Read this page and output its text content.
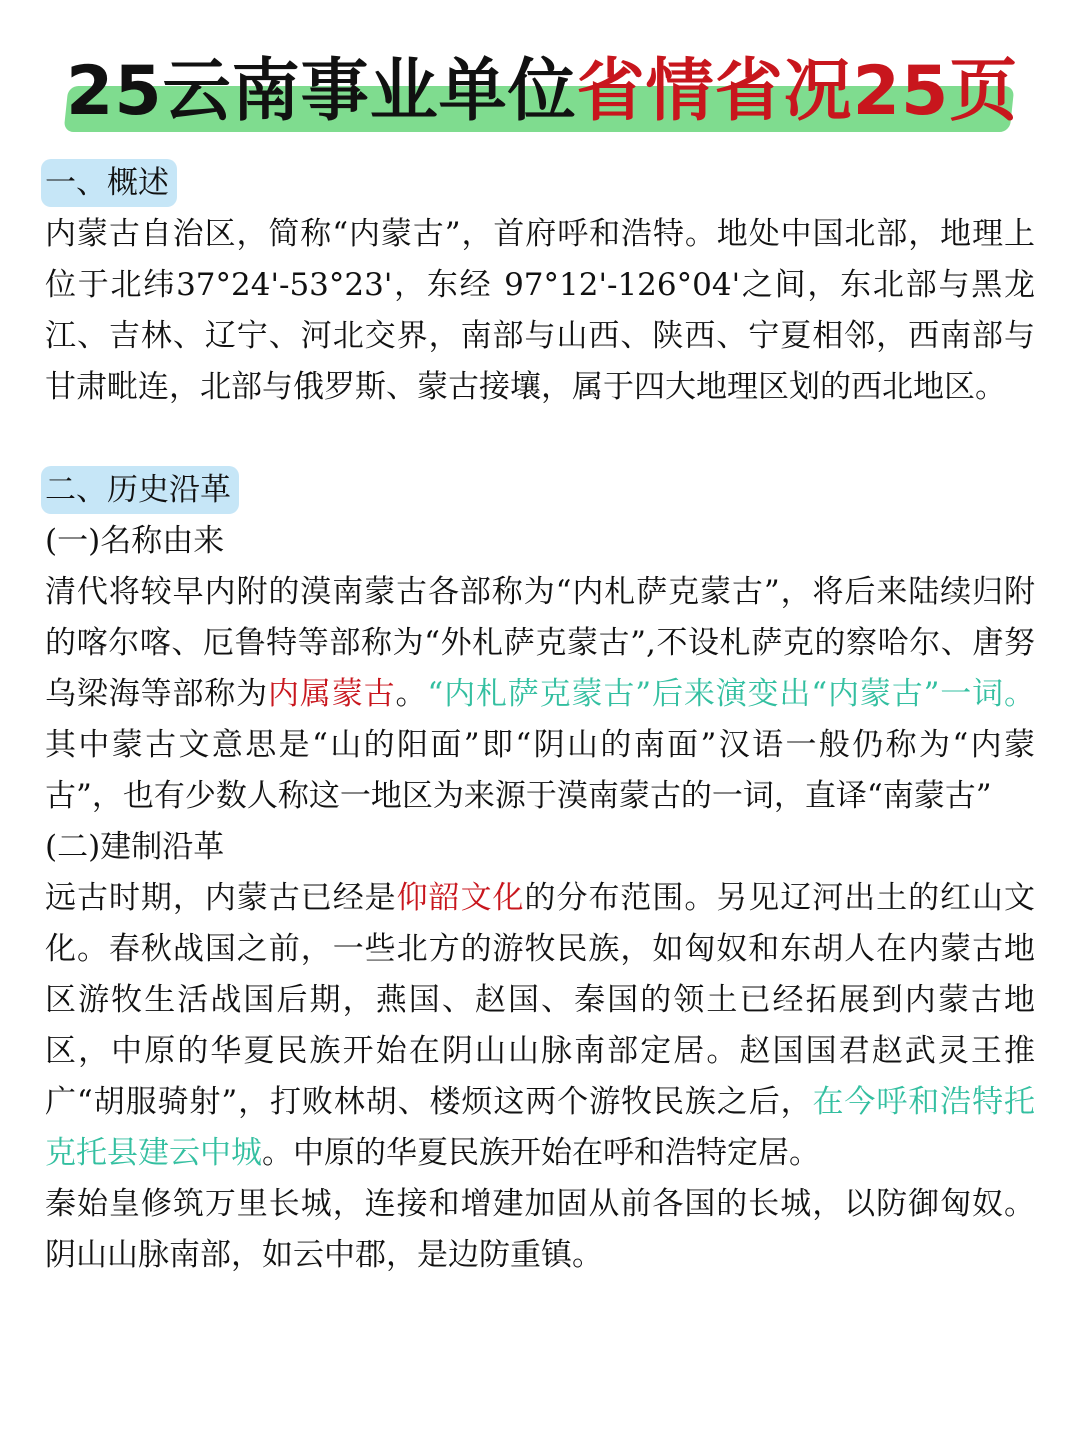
25云南事业单位省情省况25页
一、概述

内蒙古自治区，简称“内蒙古”，首府呼和浩特。地处中国北部，地理上位于北纬37°24'-53°23'，东经 97°12'-126°04'之间，东北部与黑龙江、吉林、辽宁、河北交界，南部与山西、陕西、宁夏相邻，西南部与甘肃毗连，北部与俄罗斯、蒙古接壤，属于四大地理区划的西北地区。

二、历史沿革

(一)名称由来

清代将较早内附的漠南蒙古各部称为“内札萨克蒙古”，将后来陆续归附的喀尔喀、厄鲁特等部称为“外札萨克蒙古”,不设札萨克的察哈尔、唐努乌梁海等部称为内属蒙古。“内札萨克蒙古”后来演变出“内蒙古”一词。其中蒙古文意思是“山的阳面”即“阴山的南面”汉语一般仍称为“内蒙古”，也有少数人称这一地区为来源于漠南蒙古的一词，直译“南蒙古”

(二)建制沿革

远古时期，内蒙古已经是仰韶文化的分布范围。另见辽河出土的红山文化。春秋战国之前，一些北方的游牧民族，如匈奴和东胡人在内蒙古地区游牧生活战国后期，燕国、赵国、秦国的领土已经拓展到内蒙古地区，中原的华夏民族开始在阴山山脉南部定居。赵国国君赵武灵王推广“胡服骑射”，打败林胡、楼烦这两个游牧民族之后，在今呼和浩特托克托县建云中城。中原的华夏民族开始在呼和浩特定居。

秦始皇修筑万里长城，连接和增建加固从前各国的长城，以防御匈奴。阴山山脉南部，如云中郡，是边防重镇。
